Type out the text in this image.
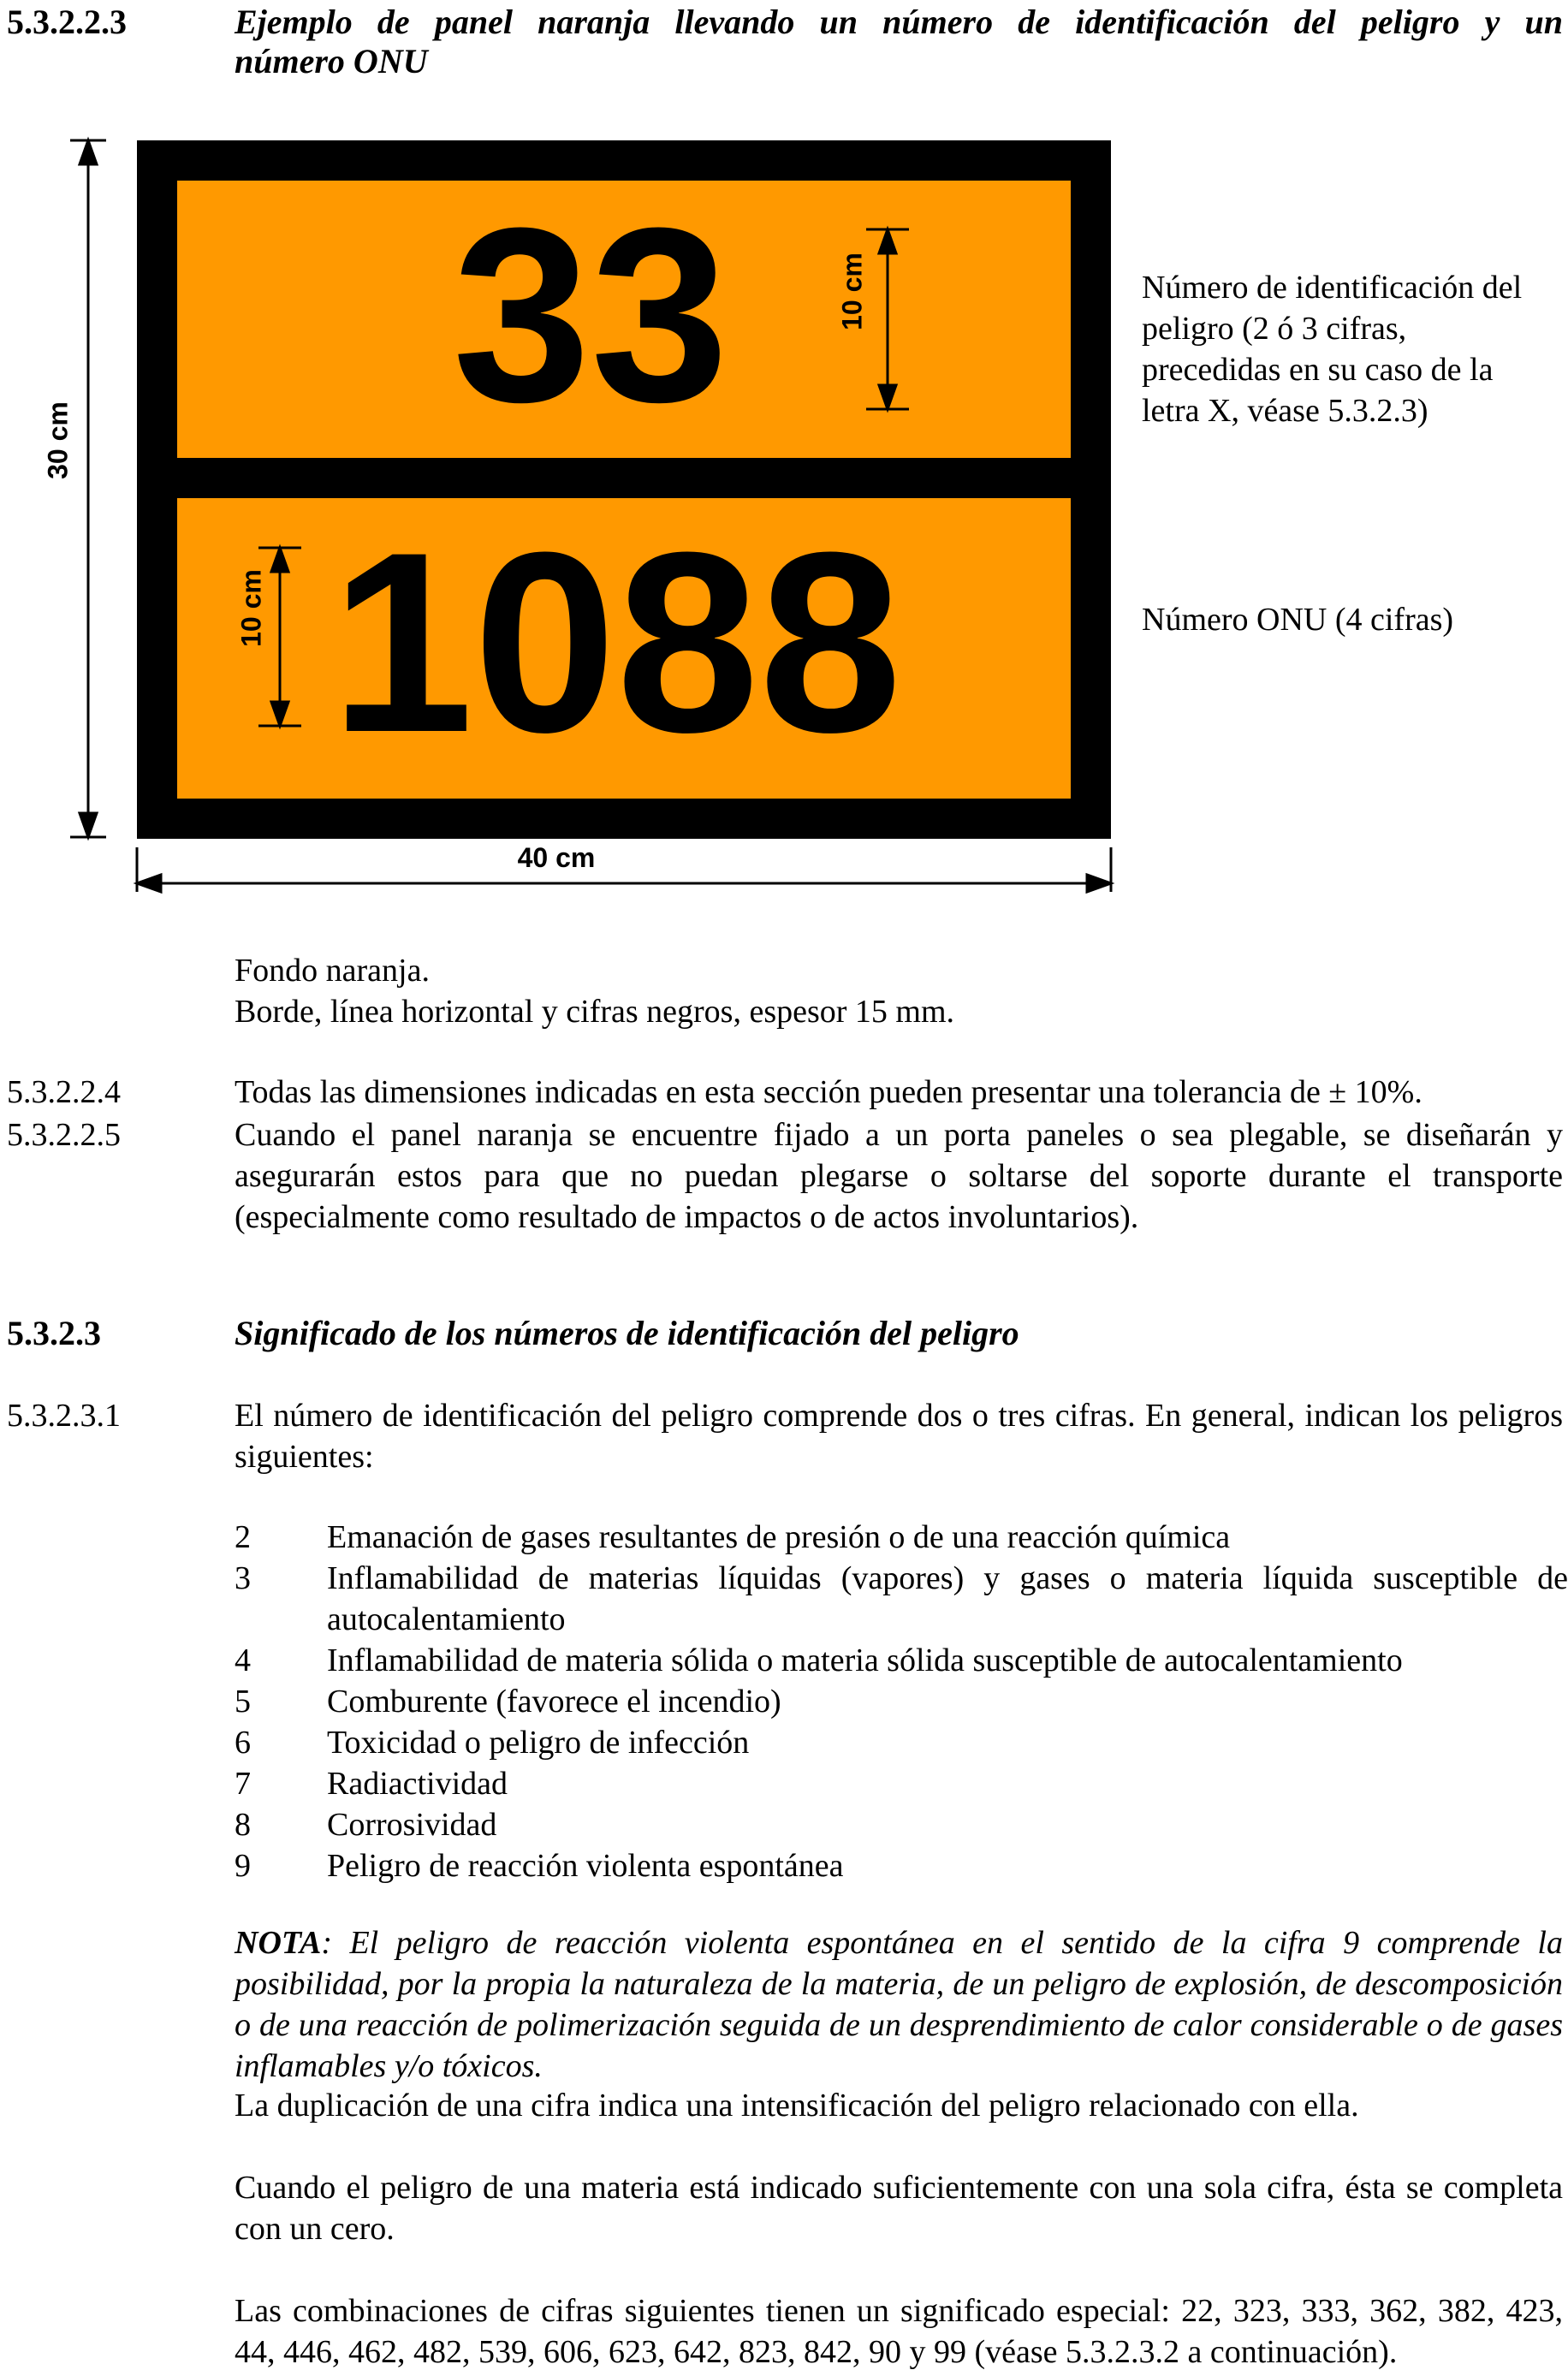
5.3.2.2.3	Ejemplo de panel naranja llevando un número de identificación del peligro y un
número ONU
33
1088
30 cm
40 cm
10 cm
10 cm
Número de identificación del
peligro (2 ó 3 cifras,
precedidas en su caso de la
letra X, véase 5.3.2.3)
Número ONU (4 cifras)
Fondo naranja.
Borde, línea horizontal y cifras negros, espesor 15 mm.
5.3.2.2.4	Todas las dimensiones indicadas en esta sección pueden presentar una tolerancia de ± 10%.
5.3.2.2.5	Cuando el panel naranja se encuentre fijado a un porta paneles o sea plegable, se diseñarán y asegurarán estos para que no puedan plegarse o soltarse del soporte durante el transporte (especialmente como resultado de impactos o de actos involuntarios).
5.3.2.3	Significado de los números de identificación del peligro
5.3.2.3.1	El número de identificación del peligro comprende dos o tres cifras. En general, indican los peligros siguientes:
2 Emanación de gases resultantes de presión o de una reacción química
3 Inflamabilidad de materias líquidas (vapores) y gases o materia líquida susceptible de autocalentamiento
4 Inflamabilidad de materia sólida o materia sólida susceptible de autocalentamiento
5 Comburente (favorece el incendio)
6 Toxicidad o peligro de infección
7 Radiactividad
8 Corrosividad
9 Peligro de reacción violenta espontánea
NOTA: El peligro de reacción violenta espontánea en el sentido de la cifra 9 comprende la posibilidad, por la propia la naturaleza de la materia, de un peligro de explosión, de descomposición o de una reacción de polimerización seguida de un desprendimiento de calor considerable o de gases inflamables y/o tóxicos.
La duplicación de una cifra indica una intensificación del peligro relacionado con ella.
Cuando el peligro de una materia está indicado suficientemente con una sola cifra, ésta se completa con un cero.
Las combinaciones de cifras siguientes tienen un significado especial: 22, 323, 333, 362, 382, 423, 44, 446, 462, 482, 539, 606, 623, 642, 823, 842, 90 y 99 (véase 5.3.2.3.2 a continuación).
